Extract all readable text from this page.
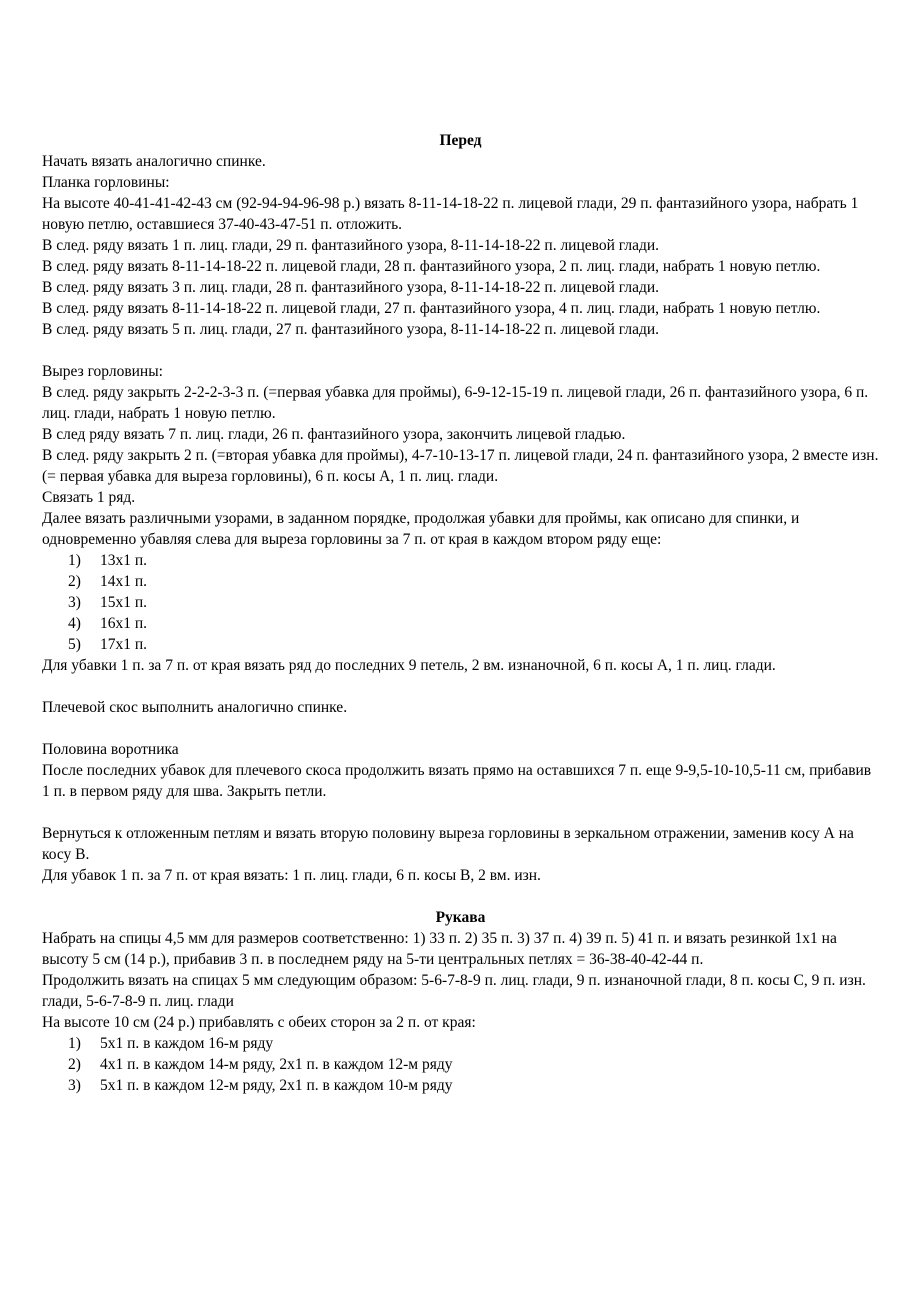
Перед

Начать вязать аналогично спинке.

Планка горловины:

На высоте 40-41-41-42-43 см (92-94-94-96-98 р.) вязать 8-11-14-18-22 п. лицевой глади, 29 п. фантазийного узора, набрать 1 новую петлю, оставшиеся 37-40-43-47-51 п. отложить.

В след. ряду вязать 1 п. лиц. глади, 29 п. фантазийного узора, 8-11-14-18-22 п. лицевой глади.

В след. ряду вязать 8-11-14-18-22 п. лицевой глади, 28 п. фантазийного узора, 2 п. лиц. глади, набрать 1 новую петлю.

В след. ряду вязать 3 п. лиц. глади, 28 п. фантазийного узора, 8-11-14-18-22 п. лицевой глади.

В след. ряду вязать 8-11-14-18-22 п. лицевой глади, 27 п. фантазийного узора, 4 п. лиц. глади, набрать 1 новую петлю.

В след. ряду вязать 5 п. лиц. глади, 27 п. фантазийного узора, 8-11-14-18-22 п. лицевой глади.

Вырез горловины:

В след. ряду закрыть 2-2-2-3-3 п. (=первая убавка для проймы), 6-9-12-15-19 п. лицевой глади, 26 п. фантазийного узора, 6 п. лиц. глади, набрать 1 новую петлю.

В след ряду вязать 7 п. лиц. глади, 26 п. фантазийного узора, закончить лицевой гладью.

В след. ряду закрыть 2 п. (=вторая убавка для проймы), 4-7-10-13-17 п. лицевой глади, 24 п. фантазийного узора, 2 вместе изн. (= первая убавка для выреза горловины), 6 п. косы А, 1 п. лиц. глади.

Связать 1 ряд.

Далее вязать различными узорами, в заданном порядке, продолжая убавки для проймы, как описано для спинки, и одновременно убавляя слева для выреза горловины за 7 п. от края в каждом втором ряду еще:

1) 13х1 п.
2) 14х1 п.
3) 15х1 п.
4) 16х1 п.
5) 17х1 п.

Для убавки 1 п. за 7 п. от края вязать ряд до последних 9 петель, 2 вм. изнаночной, 6 п. косы А, 1 п. лиц. глади.

Плечевой скос выполнить аналогично спинке.

Половина воротника

После последних убавок для плечевого скоса продолжить вязать прямо на оставшихся 7 п. еще 9-9,5-10-10,5-11 см, прибавив 1 п. в первом ряду для шва. Закрыть петли.

Вернуться к отложенным петлям и вязать вторую половину выреза горловины в зеркальном отражении, заменив косу А на косу В.

Для убавок 1 п. за 7 п. от края вязать: 1 п. лиц. глади, 6 п. косы В, 2 вм. изн.

Рукава

Набрать на спицы 4,5 мм для размеров соответственно: 1) 33 п. 2) 35 п. 3) 37 п. 4) 39 п. 5) 41 п. и вязать резинкой 1х1 на высоту 5 см (14 р.), прибавив 3 п. в последнем ряду на 5-ти центральных петлях = 36-38-40-42-44 п.

Продолжить вязать на спицах 5 мм следующим образом: 5-6-7-8-9 п. лиц. глади, 9 п. изнаночной глади, 8 п. косы С, 9 п. изн. глади, 5-6-7-8-9 п. лиц. глади

На высоте 10 см (24 р.) прибавлять с обеих сторон за 2 п. от края:

1) 5х1 п. в каждом 16-м ряду
2) 4х1 п. в каждом 14-м ряду, 2х1 п. в каждом 12-м ряду
3) 5х1 п. в каждом 12-м ряду, 2х1 п. в каждом 10-м ряду
